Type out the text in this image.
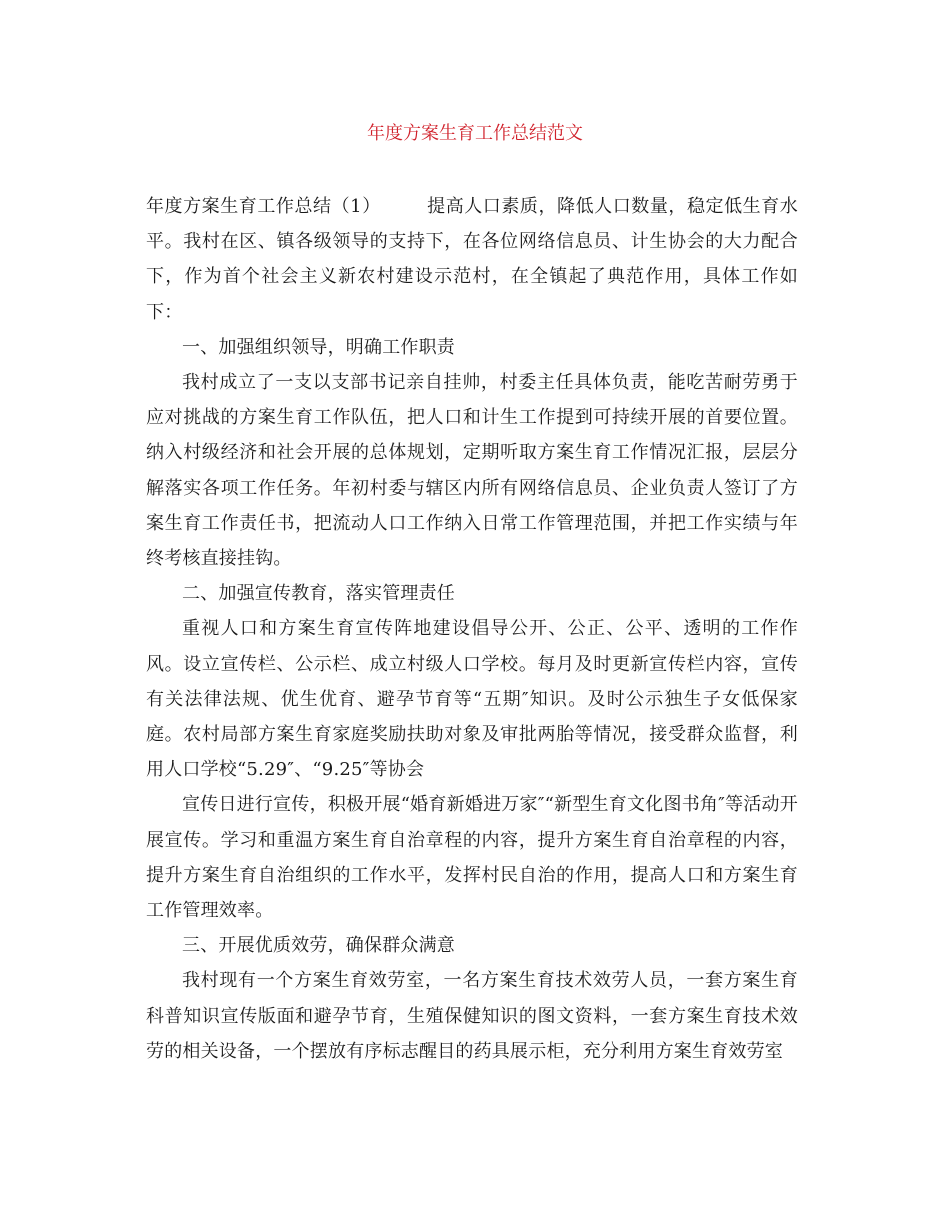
年度方案生育工作总结范文

年度方案生育工作总结（1）	提高人口素质，降低人口数量，稳定低生育水平。我村在区、镇各级领导的支持下，在各位网络信息员、计生协会的大力配合下，作为首个社会主义新农村建设示范村，在全镇起了典范作用，具体工作如下：

一、加强组织领导，明确工作职责

我村成立了一支以支部书记亲自挂帅，村委主任具体负责，能吃苦耐劳勇于应对挑战的方案生育工作队伍，把人口和计生工作提到可持续开展的首要位置。纳入村级经济和社会开展的总体规划，定期听取方案生育工作情况汇报，层层分解落实各项工作任务。年初村委与辖区内所有网络信息员、企业负责人签订了方案生育工作责任书，把流动人口工作纳入日常工作管理范围，并把工作实绩与年终考核直接挂钩。

二、加强宣传教育，落实管理责任

重视人口和方案生育宣传阵地建设倡导公开、公正、公平、透明的工作作风。设立宣传栏、公示栏、成立村级人口学校。每月及时更新宣传栏内容，宣传有关法律法规、优生优育、避孕节育等“五期″知识。及时公示独生子女低保家庭。农村局部方案生育家庭奖励扶助对象及审批两胎等情况，接受群众监督，利用人口学校“5.29″、“9.25″等协会

宣传日进行宣传，积极开展“婚育新婚进万家″“新型生育文化图书角″等活动开展宣传。学习和重温方案生育自治章程的内容，提升方案生育自治章程的内容，提升方案生育自治组织的工作水平，发挥村民自治的作用，提高人口和方案生育工作管理效率。

三、开展优质效劳，确保群众满意

我村现有一个方案生育效劳室，一名方案生育技术效劳人员，一套方案生育科普知识宣传版面和避孕节育，生殖保健知识的图文资料，一套方案生育技术效劳的相关设备，一个摆放有序标志醒目的药具展示柜，充分利用方案生育效劳室
